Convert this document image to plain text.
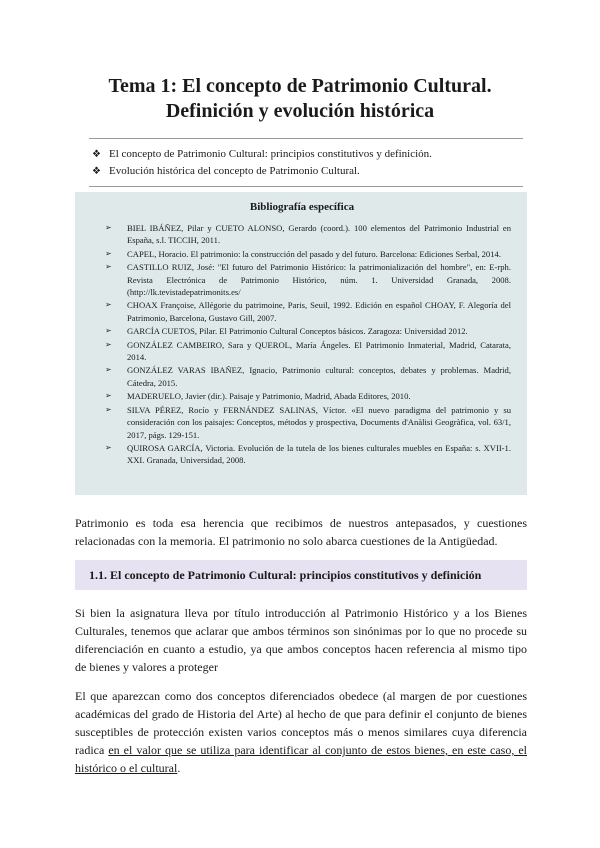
Tema 1: El concepto de Patrimonio Cultural.
Definición y evolución histórica
❖ El concepto de Patrimonio Cultural: principios constitutivos y definición.
❖ Evolución histórica del concepto de Patrimonio Cultural.
Bibliografía específica
➢	BIEL IBÁÑEZ, Pilar y CUETO ALONSO, Gerardo (coord.). 100 elementos del Patrimonio Industrial en España, s.l. TICCIH, 2011.
➢	CAPEL, Horacio. El patrimonio: la construcción del pasado y del futuro. Barcelona: Ediciones Serbal, 2014.
➢	CASTILLO RUIZ, José: "El futuro del Patrimonio Histórico: la patrimonialización del hombre", en: E-rph. Revista Electrónica de Patrimonio Histórico, núm. 1. Universidad Granada, 2008. (http://lk.tevistadepatrimonits.es/
➢	CHOAX Françoise, Allégorie du patrimoine, Paris, Seuil, 1992. Edición en español CHOAY, F. Alegoría del Patrimonio, Barcelona, Gustavo Gill, 2007.
➢	GARCÍA CUETOS, Pilar. El Patrimonio Cultural Conceptos básicos. Zaragoza: Universidad 2012.
➢	GONZÁLEZ CAMBEIRO, Sara y QUEROL, María Ángeles. El Patrimonio Inmaterial, Madrid, Catarata, 2014.
➢	GONZÁLEZ VARAS IBAÑEZ, Ignacio, Patrimonio cultural: conceptos, debates y problemas. Madrid, Cátedra, 2015.
➢	MADERUELO, Javier (dir.). Paisaje y Patrimonio, Madrid, Abada Editores, 2010.
➢	SILVA PÉREZ, Rocío y FERNÁNDEZ SALINAS, Víctor. «El nuevo paradigma del patrimonio y su consideración con los paisajes: Conceptos, métodos y prospectiva, Documents d'Anàlisi Geogràfica, vol. 63/1, 2017, págs. 129-151.
➢	QUIROSA GARCÍA, Victoria. Evolución de la tutela de los bienes culturales muebles en España: s. XVII-1. XXI. Granada, Universidad, 2008.
Patrimonio es toda esa herencia que recibimos de nuestros antepasados, y cuestiones relacionadas con la memoria. El patrimonio no solo abarca cuestiones de la Antigüedad.
1.1. El concepto de Patrimonio Cultural: principios constitutivos y definición
Si bien la asignatura lleva por título introducción al Patrimonio Histórico y a los Bienes Culturales, tenemos que aclarar que ambos términos son sinónimas por lo que no procede su diferenciación en cuanto a estudio, ya que ambos conceptos hacen referencia al mismo tipo de bienes y valores a proteger
El que aparezcan como dos conceptos diferenciados obedece (al margen de por cuestiones académicas del grado de Historia del Arte) al hecho de que para definir el conjunto de bienes susceptibles de protección existen varios conceptos más o menos similares cuya diferencia radica en el valor que se utiliza para identificar al conjunto de estos bienes, en este caso, el histórico o el cultural.
